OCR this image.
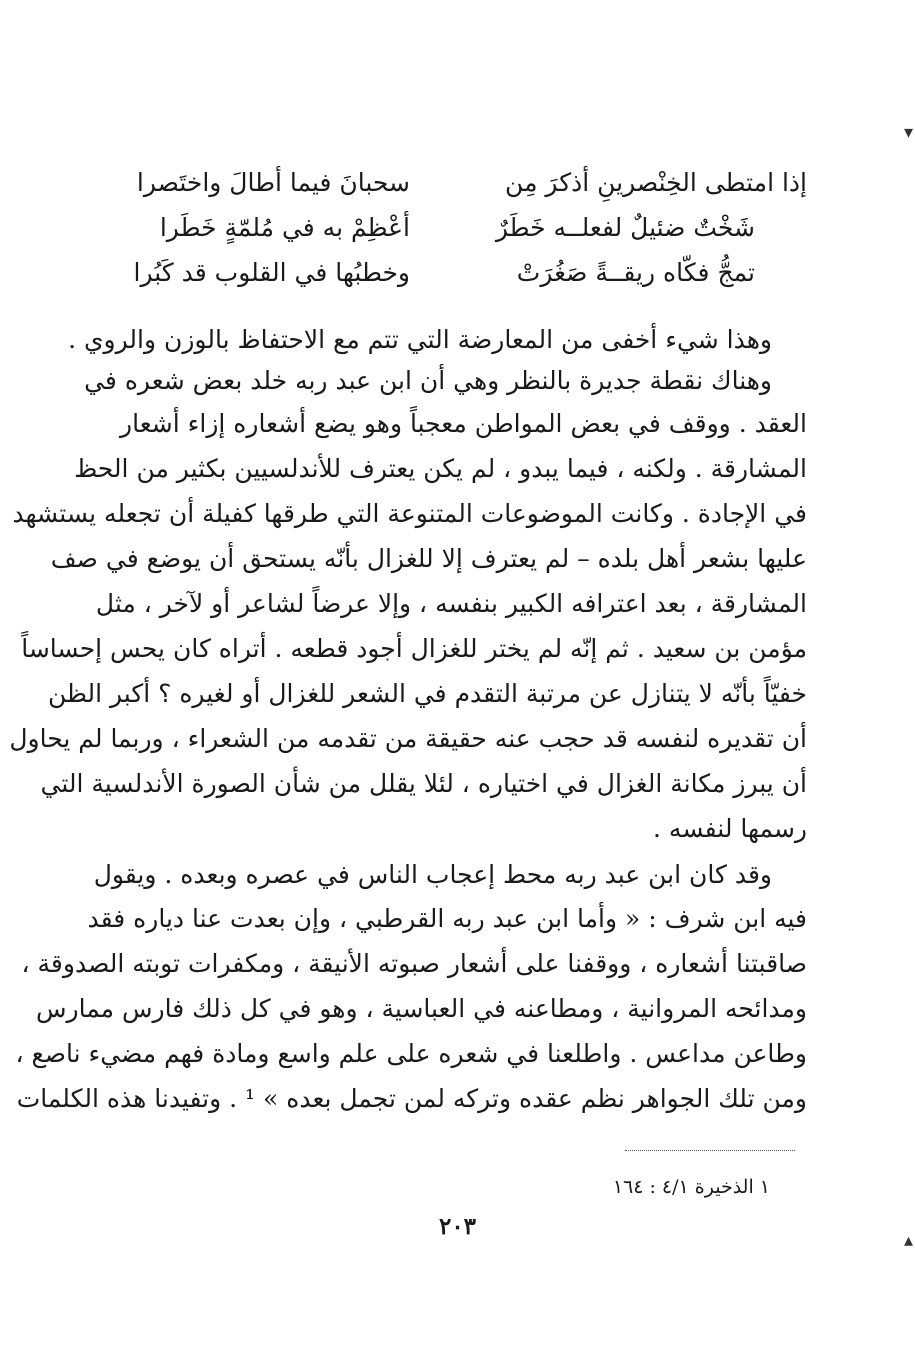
إذا امتطى الخِنْصرينِ أذكرَ مِن
سحبانَ فيما أطالَ واختَصرا
شَخْتٌ ضئيلٌ لفعلــه خَطَرٌ
أعْظِمْ به في مُلمّةٍ خَطَرا
تمجُّ فكّاه ريقــةً صَغُرَتْ
وخطبُها في القلوب قد كَبُرا
وهذا شيء أخفى من المعارضة التي تتم مع الاحتفاظ بالوزن والروي .
وهناك نقطة جديرة بالنظر وهي أن ابن عبد ربه خلد بعض شعره في
العقد . ووقف في بعض المواطن معجباً وهو يضع أشعاره إزاء أشعار
المشارقة . ولكنه ، فيما يبدو ، لم يكن يعترف للأندلسيين بكثير من الحظ
في الإجادة . وكانت الموضوعات المتنوعة التي طرقها كفيلة أن تجعله يستشهد
عليها بشعر أهل بلده – لم يعترف إلا للغزال بأنّه يستحق أن يوضع في صف
المشارقة ، بعد اعترافه الكبير بنفسه ، وإلا عرضاً لشاعر أو لآخر ، مثل
مؤمن بن سعيد . ثم إنّه لم يختر للغزال أجود قطعه . أتراه كان يحس إحساساً
خفيّاً بأنّه لا يتنازل عن مرتبة التقدم في الشعر للغزال أو لغيره ؟ أكبر الظن
أن تقديره لنفسه قد حجب عنه حقيقة من تقدمه من الشعراء ، وربما لم يحاول
أن يبرز مكانة الغزال في اختياره ، لئلا يقلل من شأن الصورة الأندلسية التي
رسمها لنفسه .
وقد كان ابن عبد ربه محط إعجاب الناس في عصره وبعده . ويقول
فيه ابن شرف : « وأما ابن عبد ربه القرطبي ، وإن بعدت عنا دياره فقد
صاقبتنا أشعاره ، ووقفنا على أشعار صبوته الأنيقة ، ومكفرات توبته الصدوقة ،
ومدائحه المروانية ، ومطاعنه في العباسية ، وهو في كل ذلك فارس ممارس
وطاعن مداعس . واطلعنا في شعره على علم واسع ومادة فهم مضيء ناصع ،
ومن تلك الجواهر نظم عقده وتركه لمن تجمل بعده » ¹ . وتفيدنا هذه الكلمات
١ الذخيرة ٤/١ : ١٦٤
٢٠٣
▾
▴
